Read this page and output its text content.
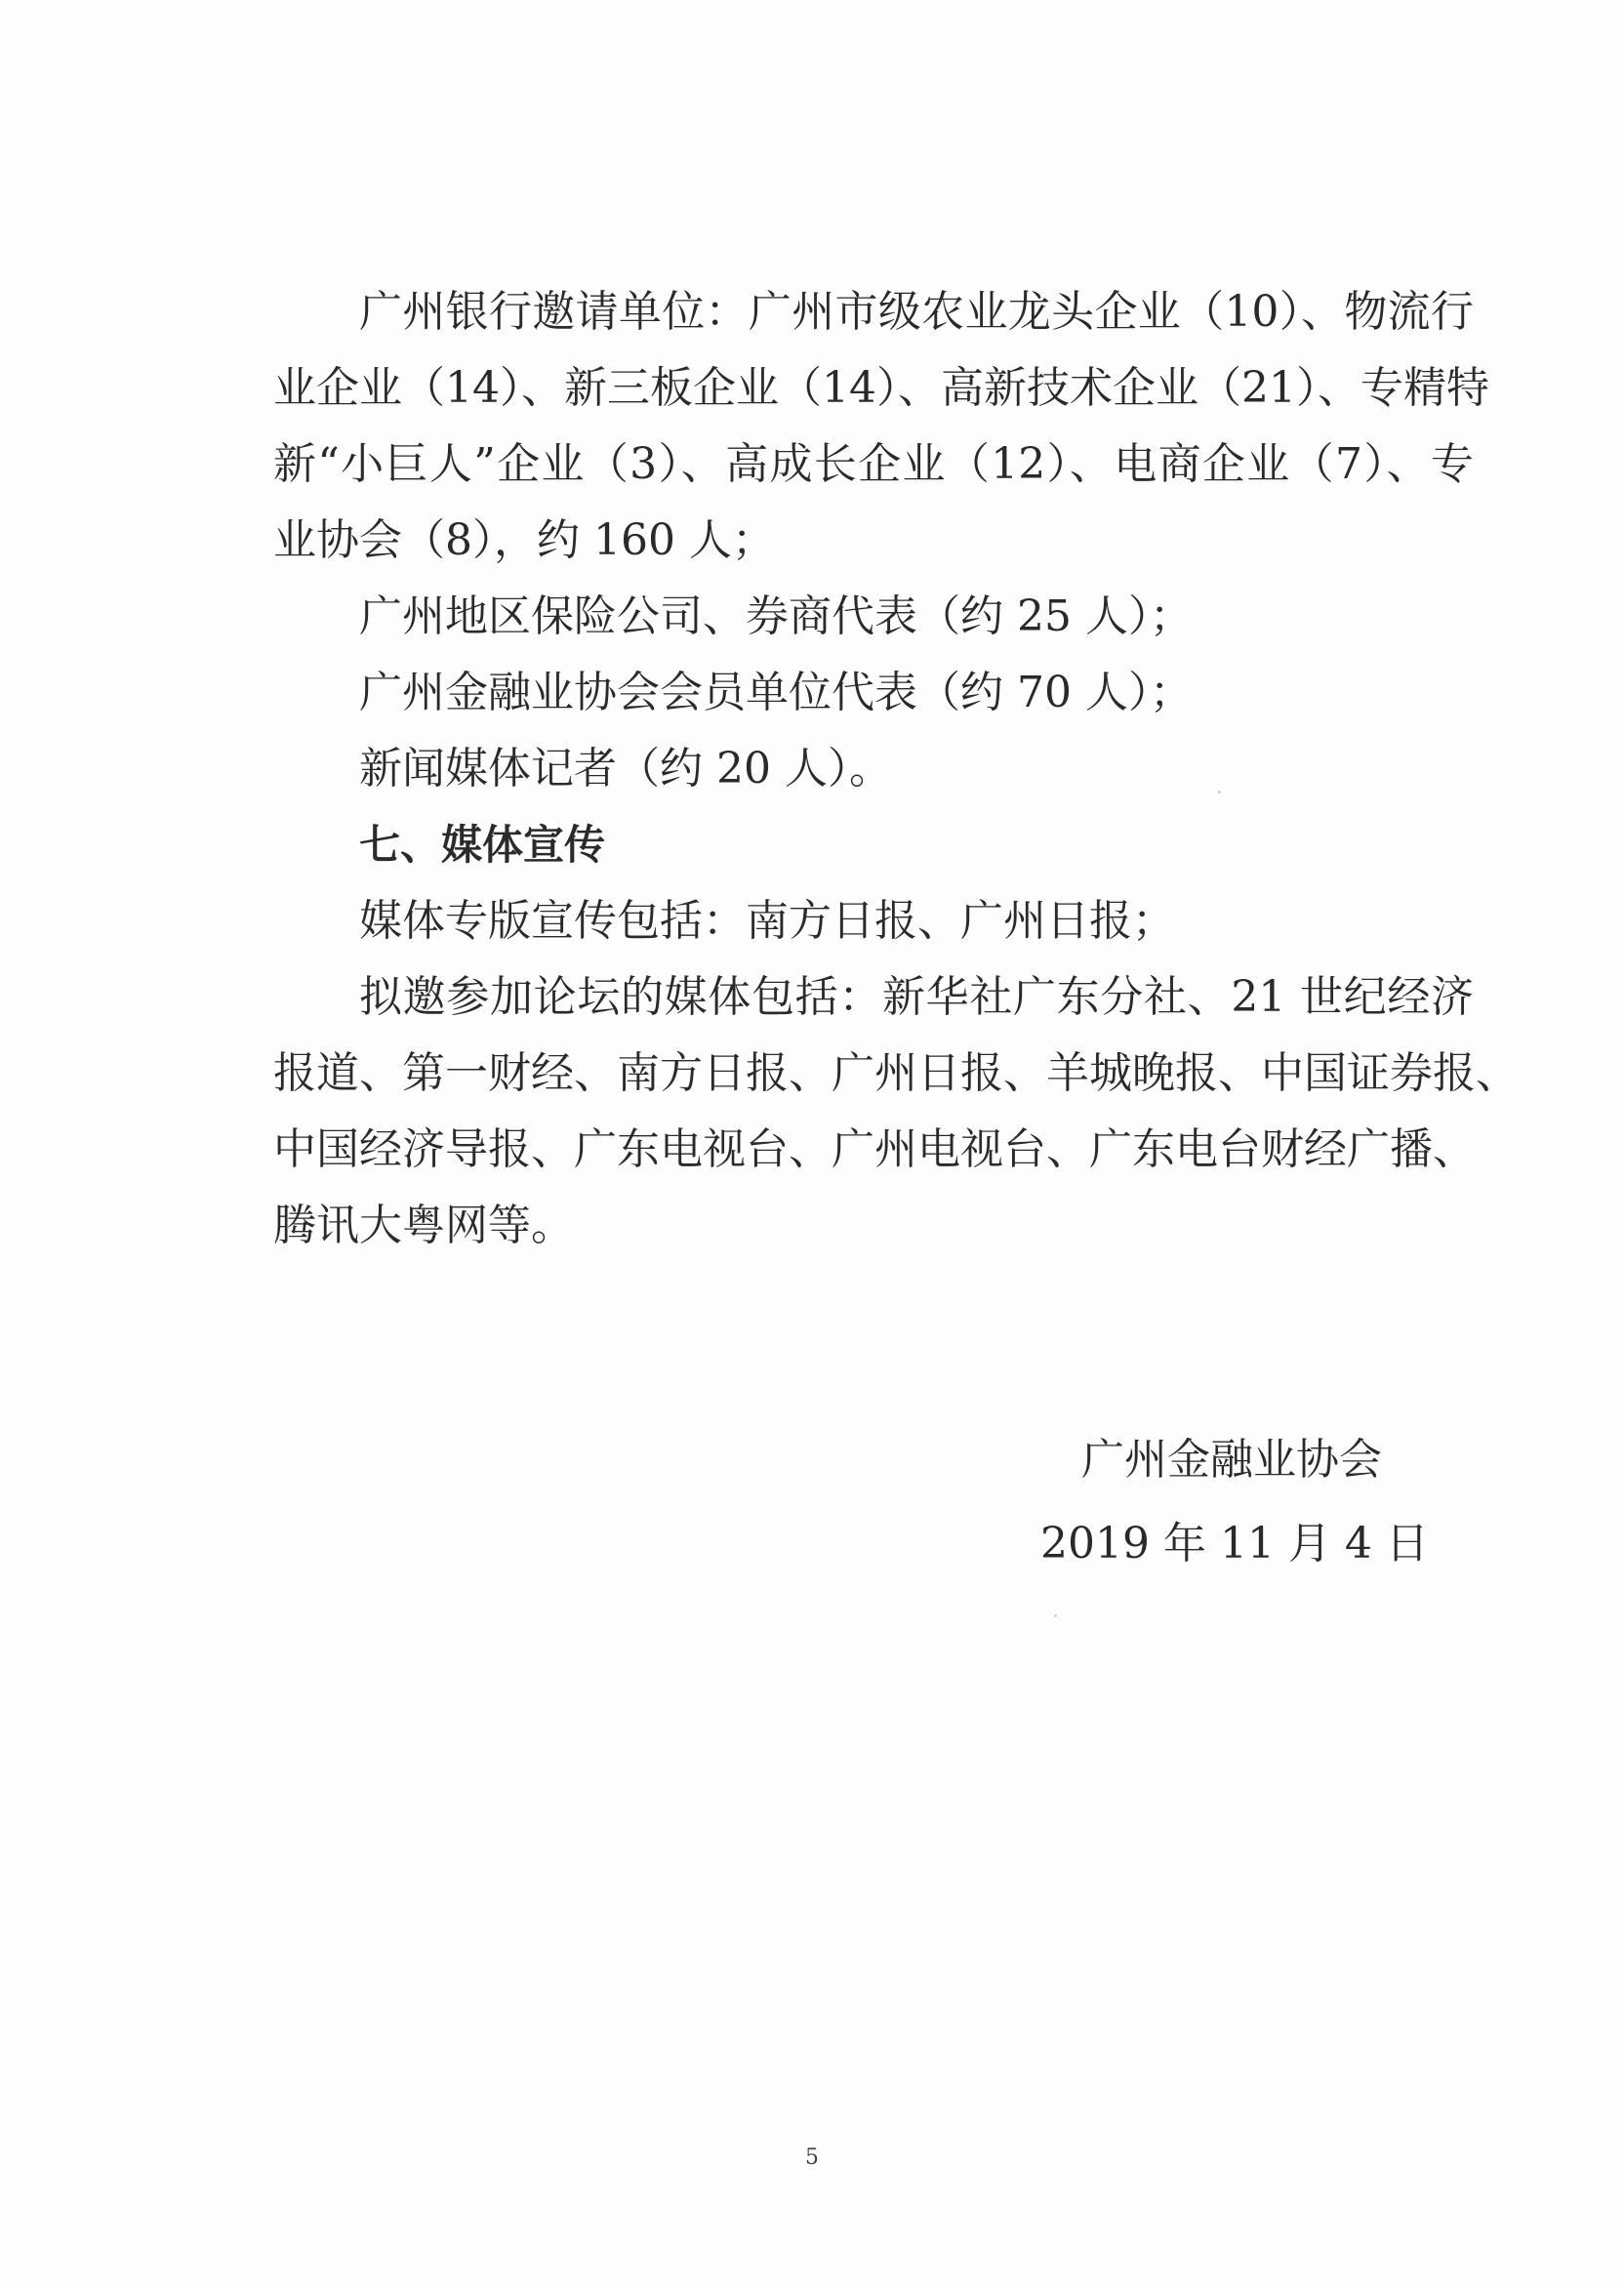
广州银行邀请单位：广州市级农业龙头企业（10）、物流行
业企业（14）、新三板企业（14）、高新技术企业（21）、专精特
新“小巨人”企业（3）、高成长企业（12）、电商企业（7）、专
业协会（8），约 160 人；
广州地区保险公司、券商代表（约 25 人）；
广州金融业协会会员单位代表（约 70 人）；
新闻媒体记者（约 20 人）。
七、媒体宣传
媒体专版宣传包括：南方日报、广州日报；
拟邀参加论坛的媒体包括：新华社广东分社、21 世纪经济
报道、第一财经、南方日报、广州日报、羊城晚报、中国证券报、
中国经济导报、广东电视台、广州电视台、广东电台财经广播、
腾讯大粤网等。
广州金融业协会
2019 年 11 月 4 日
5
